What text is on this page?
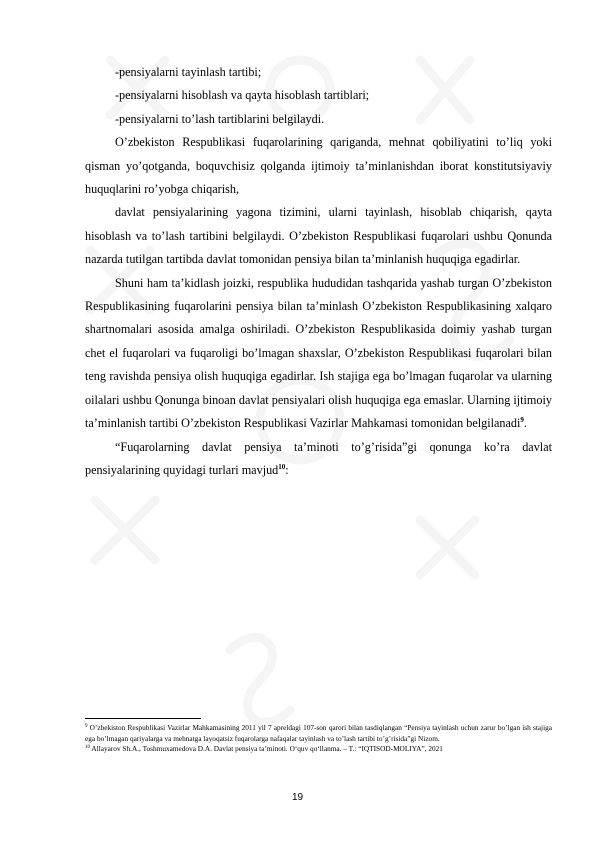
-pensiyalarni tayinlash tartibi;

-pensiyalarni hisoblash va qayta hisoblash tartiblari;

-pensiyalarni to’lash tartiblarini belgilaydi.

O’zbekiston Respublikasi fuqarolarining qariganda, mehnat qobiliyatini to’liq yoki qisman yo’qotganda, boquvchisiz qolganda ijtimoiy ta’minlanishdan iborat konstitutsiyaviy huquqlarini ro’yobga chiqarish,

davlat pensiyalarining yagona tizimini, ularni tayinlash, hisoblab chiqarish, qayta hisoblash va to’lash tartibini belgilaydi. O’zbekiston Respublikasi fuqarolari ushbu Qonunda nazarda tutilgan tartibda davlat tomonidan pensiya bilan ta’minlanish huquqiga egadirlar.

Shuni ham ta’kidlash joizki, respublika hududidan tashqarida yashab turgan O’zbekiston Respublikasining fuqarolarini pensiya bilan ta’minlash O’zbekiston Respublikasining xalqaro shartnomalari asosida amalga oshiriladi. O’zbekiston Respublikasida doimiy yashab turgan chet el fuqarolari va fuqaroligi bo’lmagan shaxslar, O’zbekiston Respublikasi fuqarolari bilan teng ravishda pensiya olish huquqiga egadirlar. Ish stajiga ega bo’lmagan fuqarolar va ularning oilalari ushbu Qonunga binoan davlat pensiyalari olish huquqiga ega emaslar. Ularning ijtimoiy ta’minlanish tartibi O’zbekiston Respublikasi Vazirlar Mahkamasi tomonidan belgilanadi$^9$.

“Fuqarolarning davlat pensiya ta’minoti to’g’risida”gi qonunga ko’ra davlat pensiyalarining quyidagi turlari mavjud$^{10}$:

$^9$ O’zbekiston Respublikasi Vazirlar Mahkamasining 2011 yil 7 apreldagi 107-son qarori bilan tasdiqlangan “Pensiya tayinlash uchun zarur bo’lgan ish stajiga ega bo’lmagan qariyalarga va mehnatga layoqatsiz fuqarolarga nafaqalar tayinlash va to’lash tartibi to’g’risida”gi Nizom.

$^{10}$ Allayarov Sh.A., Toshmuxamedova D.A. Davlat pensiya ta’minoti. O‘quv qo‘llanma. – T.: “IQTISOD-MOLIYA”, 2021

19
